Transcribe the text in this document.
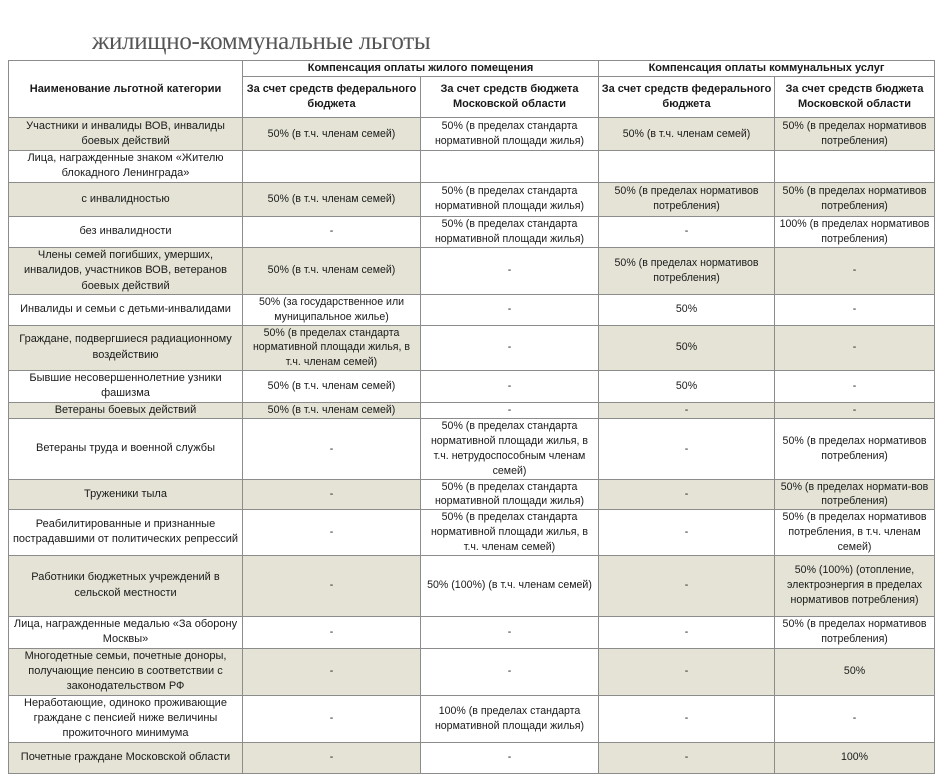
жилищно-коммунальные льготы
Наименование льготной категории	Компенсация оплаты жилого помещения		Компенсация оплаты коммунальных услуг	
	За счет средств федерального бюджета	За счет средств бюджета Московской области	За счет средств федерального бюджета	За счет средств бюджета Московской области
Участники и инвалиды ВОВ, инвалиды боевых действий	50% (в т.ч. членам семей)	50% (в пределах стандарта нормативной площади жилья)	50% (в т.ч. членам семей)	50% (в пределах нормативов потребления)
Лица, награжденные знаком «Жителю блокадного Ленинграда»				
с инвалидностью	50% (в т.ч. членам семей)	50% (в пределах стандарта нормативной площади жилья)	50% (в пределах нормативов потребления)	50% (в пределах нормативов потребления)
без инвалидности	-	50% (в пределах стандарта нормативной площади жилья)	-	100% (в пределах нормативов потребления)
Члены семей погибших, умерших, инвалидов, участников ВОВ, ветеранов боевых действий	50% (в т.ч. членам семей)	-	50% (в пределах нормативов потребления)	-
Инвалиды и семьи с детьми-инвалидами	50% (за государственное или муниципальное жилье)	-	50%	-
Граждане, подвергшиеся радиационному воздействию	50% (в пределах стандарта нормативной площади жилья, в т.ч. членам семей)	-	50%	-
Бывшие несовершеннолетние узники фашизма	50% (в т.ч. членам семей)	-	50%	-
Ветераны боевых действий	50% (в т.ч. членам семей)	-	-	-
Ветераны труда и военной службы	-	50% (в пределах стандарта нормативной площади жилья, в т.ч. нетрудоспособным членам семей)	-	50% (в пределах нормативов потребления)
Труженики тыла	-	50% (в пределах стандарта нормативной площади жилья)	-	50% (в пределах нормати-вов потребления)
Реабилитированные и признанные пострадавшими от политических репрессий	-	50% (в пределах стандарта нормативной площади жилья, в т.ч. членам семей)	-	50% (в пределах нормативов потребления, в т.ч. членам семей)
Работники бюджетных учреждений в сельской местности	-	50% (100%) (в т.ч. членам семей)	-	50% (100%) (отопление, электроэнергия в пределах нормативов потребления)
Лица, награжденные медалью «За оборону Москвы»	-	-	-	50% (в пределах нормативов потребления)
Многодетные семьи, почетные доноры, получающие пенсию в соответствии с законодательством РФ	-	-	-	50%
Неработающие, одиноко проживающие граждане с пенсией ниже величины прожиточного минимума	-	100% (в пределах стандарта нормативной площади жилья)	-	-
Почетные граждане Московской области	-	-	-	100%
